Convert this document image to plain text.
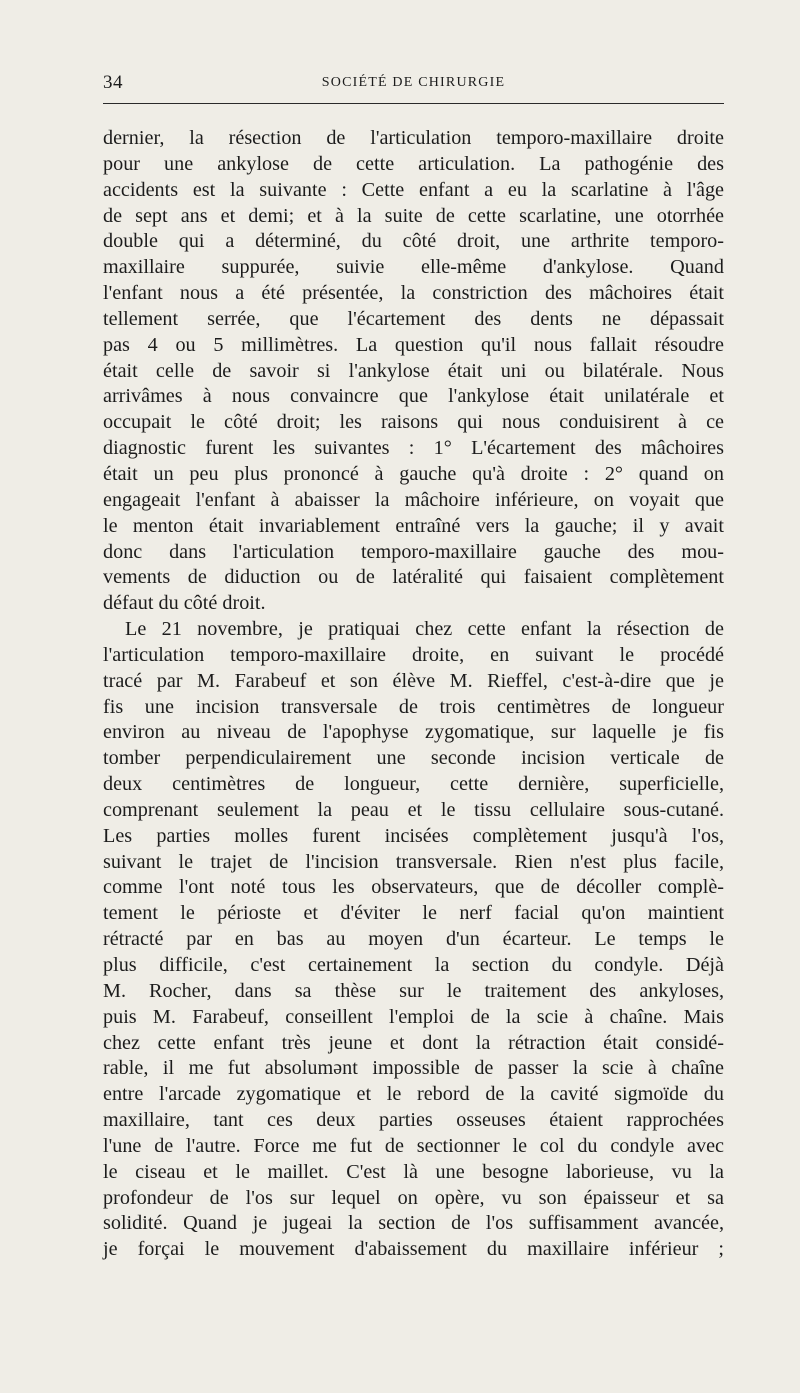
34	SOCIÉTÉ DE CHIRURGIE
dernier, la résection de l'articulation temporo-maxillaire droite
pour une ankylose de cette articulation. La pathogénie des
accidents est la suivante : Cette enfant a eu la scarlatine à l'âge
de sept ans et demi; et à la suite de cette scarlatine, une otorrhée
double qui a déterminé, du côté droit, une arthrite temporo-
maxillaire suppurée, suivie elle-même d'ankylose. Quand
l'enfant nous a été présentée, la constriction des mâchoires était
tellement serrée, que l'écartement des dents ne dépassait
pas 4 ou 5 millimètres. La question qu'il nous fallait résoudre
était celle de savoir si l'ankylose était uni ou bilatérale. Nous
arrivâmes à nous convaincre que l'ankylose était unilatérale et
occupait le côté droit; les raisons qui nous conduisirent à ce
diagnostic furent les suivantes : 1° L'écartement des mâchoires
était un peu plus prononcé à gauche qu'à droite : 2° quand on
engageait l'enfant à abaisser la mâchoire inférieure, on voyait que
le menton était invariablement entraîné vers la gauche; il y avait
donc dans l'articulation temporo-maxillaire gauche des mou-
vements de diduction ou de latéralité qui faisaient complètement
défaut du côté droit.
Le 21 novembre, je pratiquai chez cette enfant la résection de
l'articulation temporo-maxillaire droite, en suivant le procédé
tracé par M. Farabeuf et son élève M. Rieffel, c'est-à-dire que je
fis une incision transversale de trois centimètres de longueur
environ au niveau de l'apophyse zygomatique, sur laquelle je fis
tomber perpendiculairement une seconde incision verticale de
deux centimètres de longueur, cette dernière, superficielle,
comprenant seulement la peau et le tissu cellulaire sous-cutané.
Les parties molles furent incisées complètement jusqu'à l'os,
suivant le trajet de l'incision transversale. Rien n'est plus facile,
comme l'ont noté tous les observateurs, que de décoller complè-
tement le périoste et d'éviter le nerf facial qu'on maintient
rétracté par en bas au moyen d'un écarteur. Le temps le
plus difficile, c'est certainement la section du condyle. Déjà
M. Rocher, dans sa thèse sur le traitement des ankyloses,
puis M. Farabeuf, conseillent l'emploi de la scie à chaîne. Mais
chez cette enfant très jeune et dont la rétraction était considé-
rable, il me fut absolumənt impossible de passer la scie à chaîne
entre l'arcade zygomatique et le rebord de la cavité sigmoïde du
maxillaire, tant ces deux parties osseuses étaient rapprochées
l'une de l'autre. Force me fut de sectionner le col du condyle avec
le ciseau et le maillet. C'est là une besogne laborieuse, vu la
profondeur de l'os sur lequel on opère, vu son épaisseur et sa
solidité. Quand je jugeai la section de l'os suffisamment avancée,
je forçai le mouvement d'abaissement du maxillaire inférieur ;
